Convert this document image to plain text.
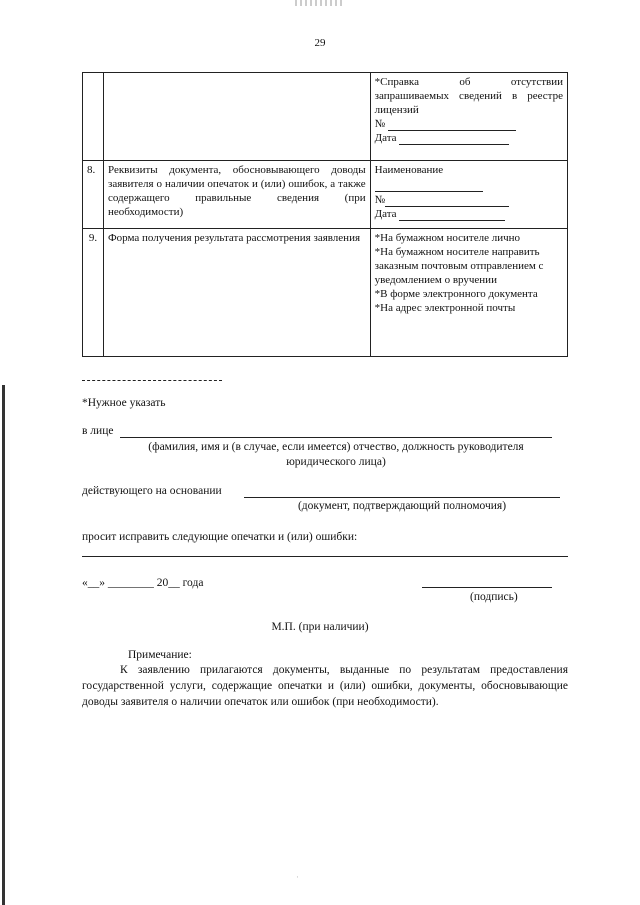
29

		*Справка об отсутствии запрашиваемых сведений в реестре лицензий
№
Дата

8.	Реквизиты документа, обосновывающего доводы заявителя о наличии опечаток и (или) ошибок, а также содержащего правильные сведения (при необходимости)	Наименование
№
Дата

9.	Форма получения результата рассмотрения заявления	*На бумажном носителе лично
*На бумажном носителе направить заказным почтовым отправлением с уведомлением о вручении
*В форме электронного документа
*На адрес электронной почты
*Нужное указать
в лице
(фамилия, имя и (в случае, если имеется) отчество, должность руководителя юридического лица)
действующего на основании
(документ, подтверждающий полномочия)
просит исправить следующие опечатки и (или) ошибки:
«__» ________ 20__ года
(подпись)
М.П. (при наличии)
Примечание:
К заявлению прилагаются документы, выданные по результатам предоставления государственной услуги, содержащие опечатки и (или) ошибки, документы, обосновывающие доводы заявителя о наличии опечаток или ошибок (при необходимости).
·
